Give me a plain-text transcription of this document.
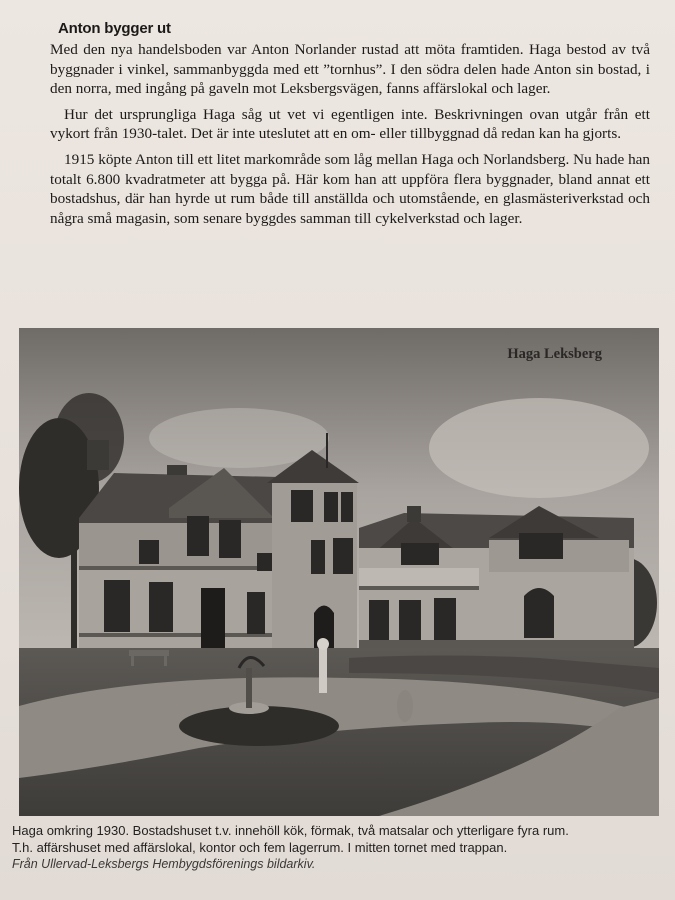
Anton bygger ut

Med den nya handelsboden var Anton Norlander rustad att möta framtiden. Haga bestod av två byggnader i vinkel, sammanbyggda med ett ”tornhus”. I den södra delen hade Anton sin bostad, i den norra, med ingång på gaveln mot Leksbergsvägen, fanns affärslokal och lager.

Hur det ursprungliga Haga såg ut vet vi egentligen inte. Beskrivningen ovan utgår från ett vykort från 1930-talet. Det är inte uteslutet att en om- eller tillbyggnad då redan kan ha gjorts.

1915 köpte Anton till ett litet markområde som låg mellan Haga och Norlandsberg. Nu hade han totalt 6.800 kvadratmeter att bygga på. Här kom han att uppföra flera byggnader, bland annat ett bostadshus, där han hyrde ut rum både till anställda och utomstående, en glasmästeriverkstad och några små magasin, som senare byggdes samman till cykelverkstad och lager.

Haga Leksberg
Haga omkring 1930. Bostadshuset t.v. innehöll kök, förmak, två matsalar och ytterligare fyra rum.
T.h. affärshuset med affärslokal, kontor och fem lagerrum. I mitten tornet med trappan.
Från Ullervad-Leksbergs Hembygdsförenings bildarkiv.
